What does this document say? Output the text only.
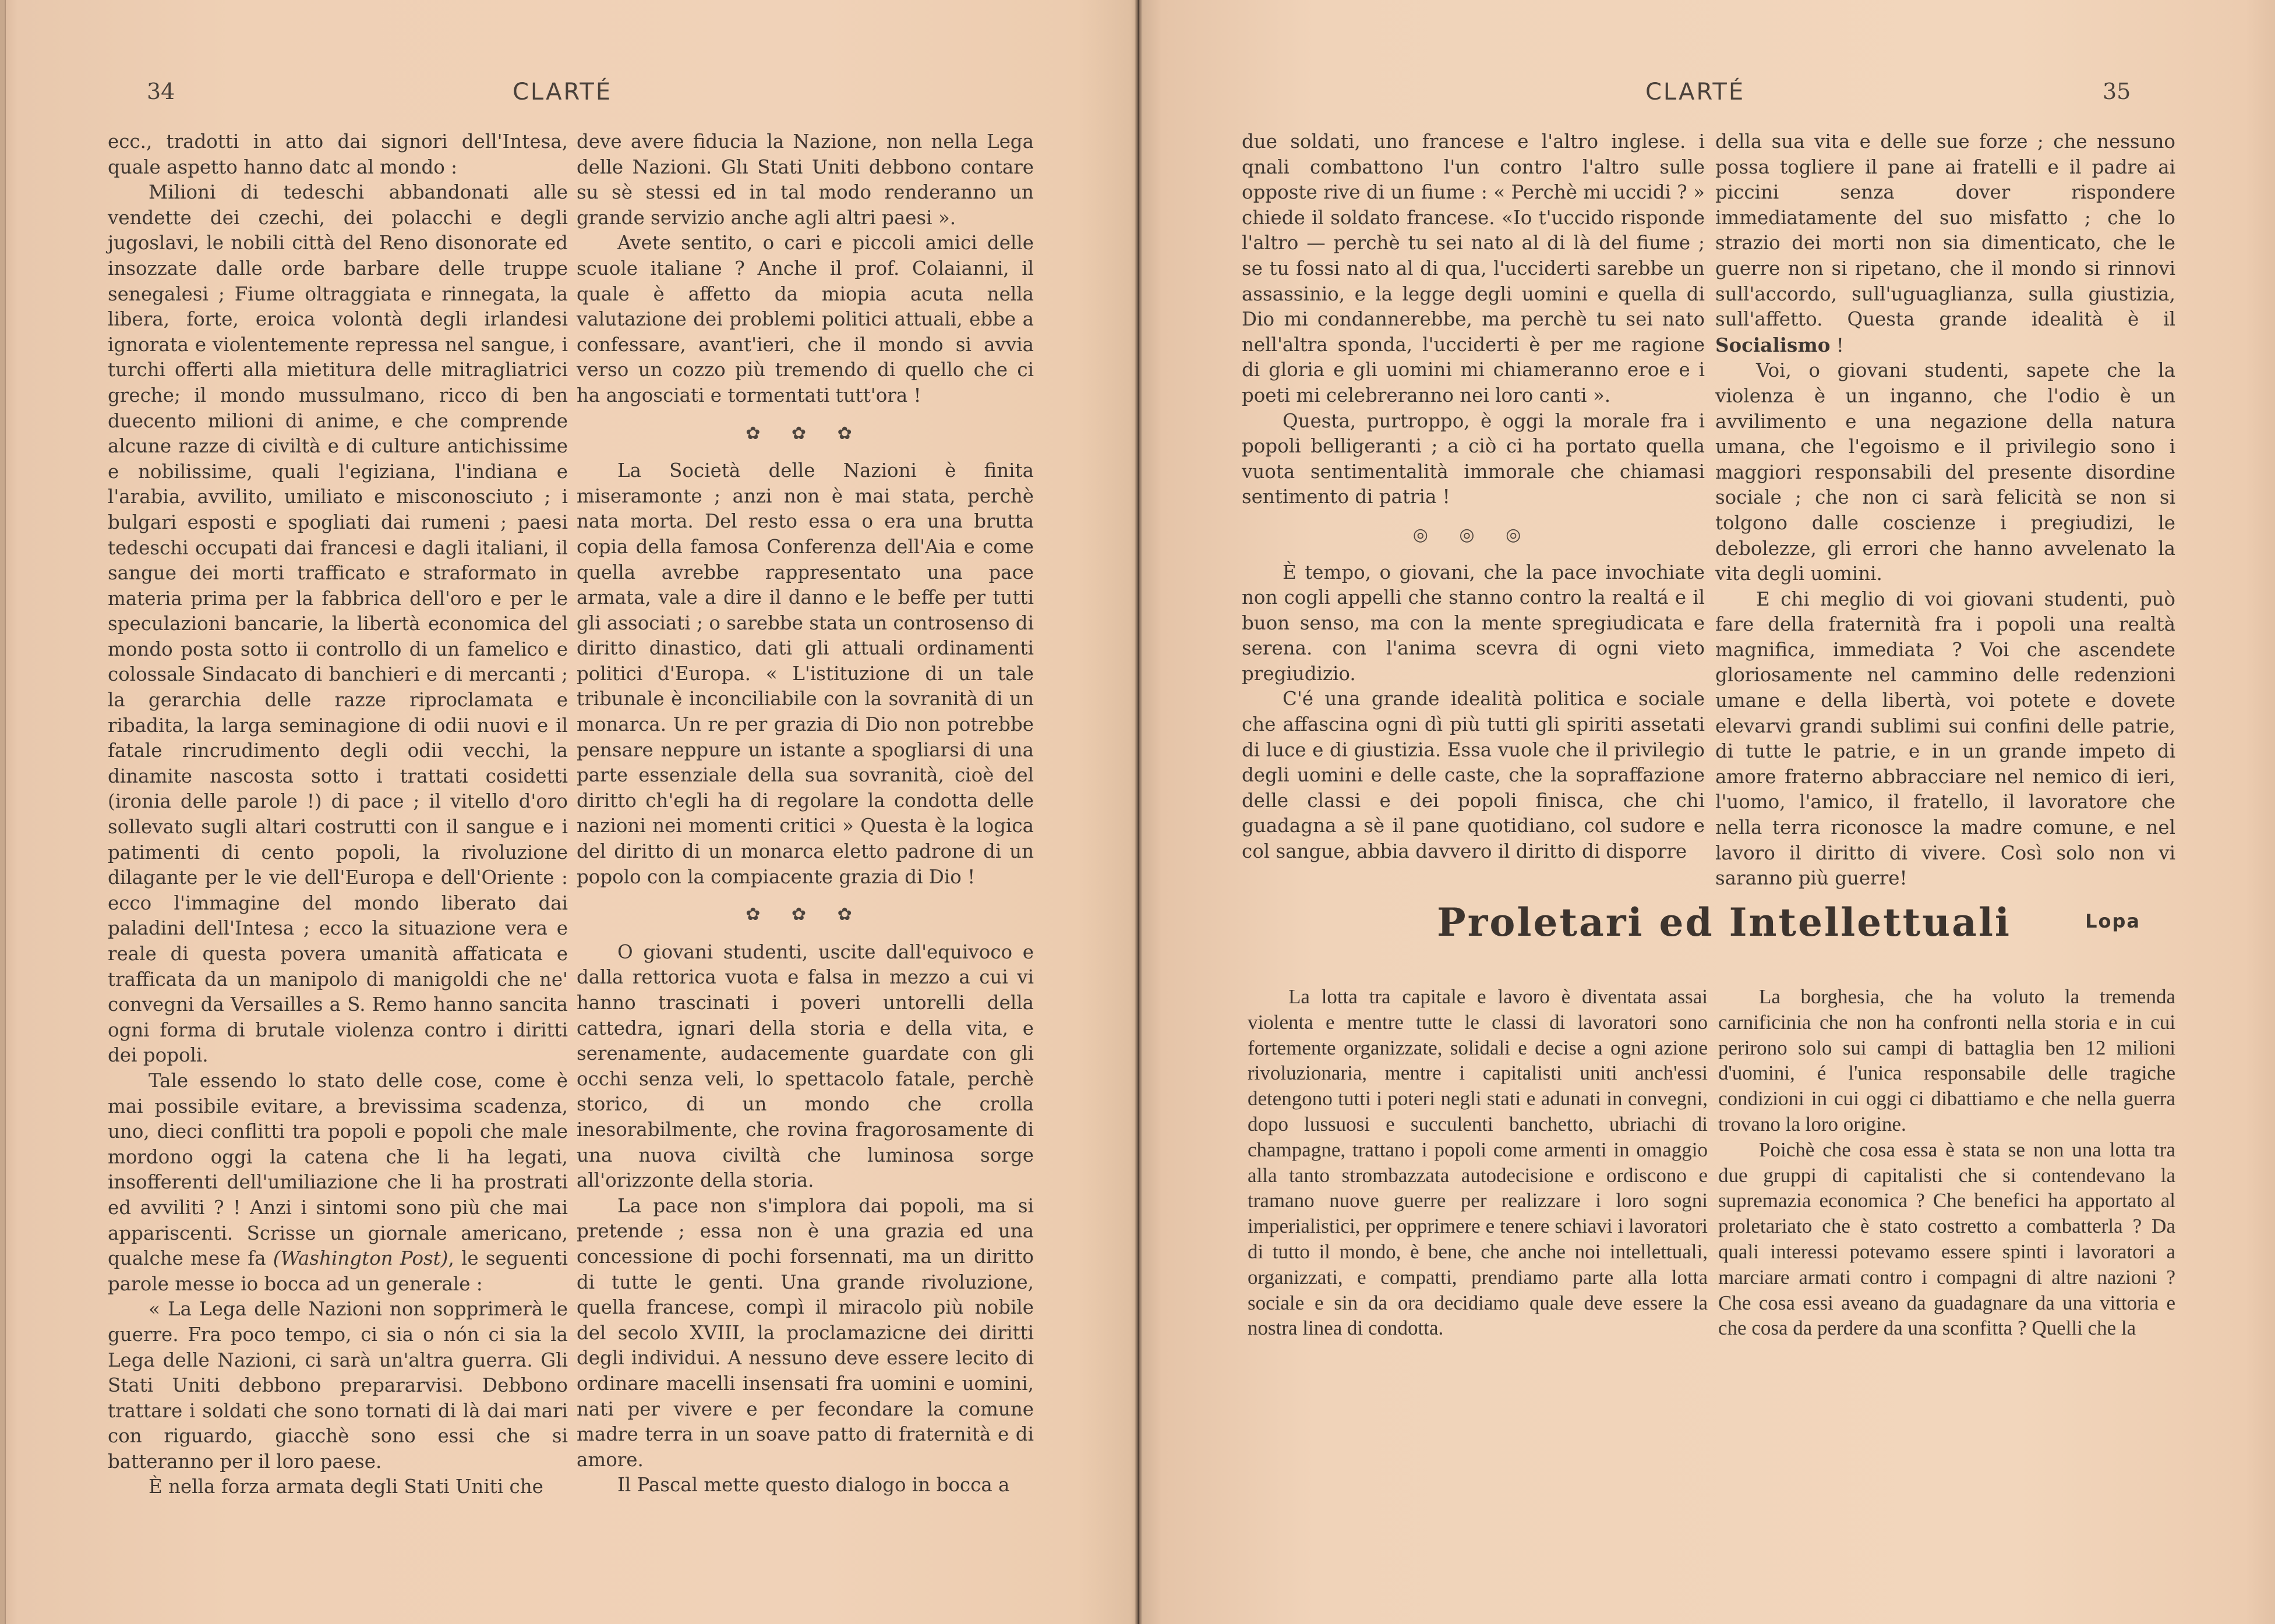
34	CLARTÉ

ecc., tradotti in atto dai signori dell'Intesa, quale aspetto hanno datc al mondo :

Milioni di tedeschi abbandonati alle vendette dei czechi, dei polacchi e degli jugoslavi, le nobili città del Reno disonorate ed insozzate dalle orde barbare delle truppe senegalesi ; Fiume oltraggiata e rinnegata, la libera, forte, eroica volontà degli irlandesi ignorata e violentemente repressa nel sangue, i turchi offerti alla mietitura delle mitragliatrici greche; il mondo mussulmano, ricco di ben duecento milioni di anime, e che comprende alcune razze di civiltà e di culture antichissime e nobilissime, quali l'egiziana, l'indiana e l'arabia, avvilito, umiliato e misconosciuto ; i bulgari esposti e spogliati dai rumeni ; paesi tedeschi occupati dai francesi e dagli italiani, il sangue dei morti trafficato e straformato in materia prima per la fabbrica dell'oro e per le speculazioni bancarie, la libertà economica del mondo posta sotto ii controllo di un famelico e colossale Sindacato di banchieri e di mercanti ; la gerarchia delle razze riproclamata e ribadita, la larga seminagione di odii nuovi e il fatale rincrudimento degli odii vecchi, la dinamite nascosta sotto i trattati cosidetti (ironia delle parole !) di pace ; il vitello d'oro sollevato sugli altari costrutti con il sangue e i patimenti di cento popoli, la rivoluzione dilagante per le vie dell'Europa e dell'Oriente : ecco l'immagine del mondo liberato dai paladini dell'Intesa ; ecco la situazione vera e reale di questa povera umanità affaticata e trafficata da un manipolo di manigoldi che ne' convegni da Versailles a S. Remo hanno sancita ogni forma di brutale violenza contro i diritti dei popoli.

Tale essendo lo stato delle cose, come è mai possibile evitare, a brevissima scadenza, uno, dieci conflitti tra popoli e popoli che male mordono oggi la catena che li ha legati, insofferenti dell'umiliazione che li ha prostrati ed avviliti ? ! Anzi i sintomi sono più che mai appariscenti. Scrisse un giornale americano, qualche mese fa (Washington Post), le seguenti parole messe io bocca ad un generale :

« La Lega delle Nazioni non sopprimerà le guerre. Fra poco tempo, ci sia o nón ci sia la Lega delle Nazioni, ci sarà un'altra guerra. Gli Stati Uniti debbono prepararvisi. Debbono trattare i soldati che sono tornati di là dai mari con riguardo, giacchè sono essi che si batteranno per il loro paese.

È nella forza armata degli Stati Uniti che

deve avere fiducia la Nazione, non nella Lega delle Nazioni. Glı Stati Uniti debbono contare su sè stessi ed in tal modo renderanno un grande servizio anche agli altri paesi ».

Avete sentito, o cari e piccoli amici delle scuole italiane ? Anche il prof. Colaianni, il quale è affetto da miopia acuta nella valutazione dei problemi politici attuali, ebbe a confessare, avant'ieri, che il mondo si avvia verso un cozzo più tremendo di quello che ci ha angosciati e tormentati tutt'ora !

✿ ✿ ✿

La Società delle Nazioni è finita miseramonte ; anzi non è mai stata, perchè nata morta. Del resto essa o era una brutta copia della famosa Conferenza dell'Aia e come quella avrebbe rappresentato una pace armata, vale a dire il danno e le beffe per tutti gli associati ; o sarebbe stata un controsenso di diritto dinastico, dati gli attuali ordinamenti politici d'Europa. « L'istituzione di un tale tribunale è inconciliabile con la sovranità di un monarca. Un re per grazia di Dio non potrebbe pensare neppure un istante a spogliarsi di una parte essenziale della sua sovranità, cioè del diritto ch'egli ha di regolare la condotta delle nazioni nei momenti critici » Questa è la logica del diritto di un monarca eletto padrone di un popolo con la compiacente grazia di Dio !

✿ ✿ ✿

O giovani studenti, uscite dall'equivoco e dalla rettorica vuota e falsa in mezzo a cui vi hanno trascinati i poveri untorelli della cattedra, ignari della storia e della vita, e serenamente, audacemente guardate con gli occhi senza veli, lo spettacolo fatale, perchè storico, di un mondo che crolla inesorabilmente, che rovina fragorosamente di una nuova civiltà che luminosa sorge all'orizzonte della storia.

La pace non s'implora dai popoli, ma si pretende ; essa non è una grazia ed una concessione di pochi forsennati, ma un diritto di tutte le genti. Una grande rivoluzione, quella francese, compì il miracolo più nobile del secolo XVIII, la proclamazicne dei diritti degli individui. A nessuno deve essere lecito di ordinare macelli insensati fra uomini e uomini, nati per vivere e per fecondare la comune madre terra in un soave patto di fraternità e di amore.

Il Pascal mette questo dialogo in bocca a

CLARTÉ	35

due soldati, uno francese e l'altro inglese. i qnali combattono l'un contro l'altro sulle opposte rive di un fiume : « Perchè mi uccidi ? » chiede il soldato francese. «Io t'uccido risponde l'altro — perchè tu sei nato al di là del fiume ; se tu fossi nato al di qua, l'ucciderti sarebbe un assassinio, e la legge degli uomini e quella di Dio mi condannerebbe, ma perchè tu sei nato nell'altra sponda, l'ucciderti è per me ragione di gloria e gli uomini mi chiameranno eroe e i poeti mi celebreranno nei loro canti ».

Questa, purtroppo, è oggi la morale fra i popoli belligeranti ; a ciò ci ha portato quella vuota sentimentalità immorale che chiamasi sentimento di patria !

◎ ◎ ◎

È tempo, o giovani, che la pace invochiate non cogli appelli che stanno contro la realtá e il buon senso, ma con la mente spregiudicata e serena. con l'anima scevra di ogni vieto pregiudizio.

C'é una grande idealità politica e sociale che affascina ogni dì più tutti gli spiriti assetati di luce e di giustizia. Essa vuole che il privilegio degli uomini e delle caste, che la sopraffazione delle classi e dei popoli finisca, che chi guadagna a sè il pane quotidiano, col sudore e col sangue, abbia davvero il diritto di disporre

della sua vita e delle sue forze ; che nessuno possa togliere il pane ai fratelli e il padre ai piccini senza dover rispondere immediatamente del suo misfatto ; che lo strazio dei morti non sia dimenticato, che le guerre non si ripetano, che il mondo si rinnovi sull'accordo, sull'uguaglianza, sulla giustizia, sull'affetto. Questa grande idealità è il Socialismo !

Voi, o giovani studenti, sapete che la violenza è un inganno, che l'odio è un avvilimento e una negazione della natura umana, che l'egoismo e il privilegio sono i maggiori responsabili del presente disordine sociale ; che non ci sarà felicità se non si tolgono dalle coscienze i pregiudizi, le debolezze, gli errori che hanno avvelenato la vita degli uomini.

E chi meglio di voi giovani studenti, può fare della fraternità fra i popoli una realtà magnifica, immediata ? Voi che ascendete gloriosamente nel cammino delle redenzioni umane e della libertà, voi potete e dovete elevarvi grandi sublimi sui confini delle patrie, di tutte le patrie, e in un grande impeto di amore fraterno abbracciare nel nemico di ieri, l'uomo, l'amico, il fratello, il lavoratore che nella terra riconosce la madre comune, e nel lavoro il diritto di vivere. Così solo non vi saranno più guerre!

Lopa
Proletari ed Intellettuali

La lotta tra capitale e lavoro è diventata assai violenta e mentre tutte le classi di lavoratori sono fortemente organizzate, solidali e decise a ogni azione rivoluzionaria, mentre i capitalisti uniti anch'essi detengono tutti i poteri negli stati e adunati in convegni, dopo lussuosi e succulenti banchetto, ubriachi di champagne, trattano i popoli come armenti in omaggio alla tanto strombazzata autodecisione e ordiscono e tramano nuove guerre per realizzare i loro sogni imperialistici, per opprimere e tenere schiavi i lavoratori di tutto il mondo, è bene, che anche noi intellettuali, organizzati, e compatti, prendiamo parte alla lotta sociale e sin da ora decidiamo quale deve essere la nostra linea di condotta.

La borghesia, che ha voluto la tremenda carnificinia che non ha confronti nella storia e in cui perirono solo sui campi di battaglia ben 12 milioni d'uomini, é l'unica responsabile delle tragiche condizioni in cui oggi ci dibattiamo e che nella guerra trovano la loro origine.

Poichè che cosa essa è stata se non una lotta tra due gruppi di capitalisti che si contendevano la supremazia economica ? Che benefici ha apportato al proletariato che è stato costretto a combatterla ? Da quali interessi potevamo essere spinti i lavoratori a marciare armati contro i compagni di altre nazioni ? Che cosa essi aveano da guadagnare da una vittoria e che cosa da perdere da una sconfitta ? Quelli che la
